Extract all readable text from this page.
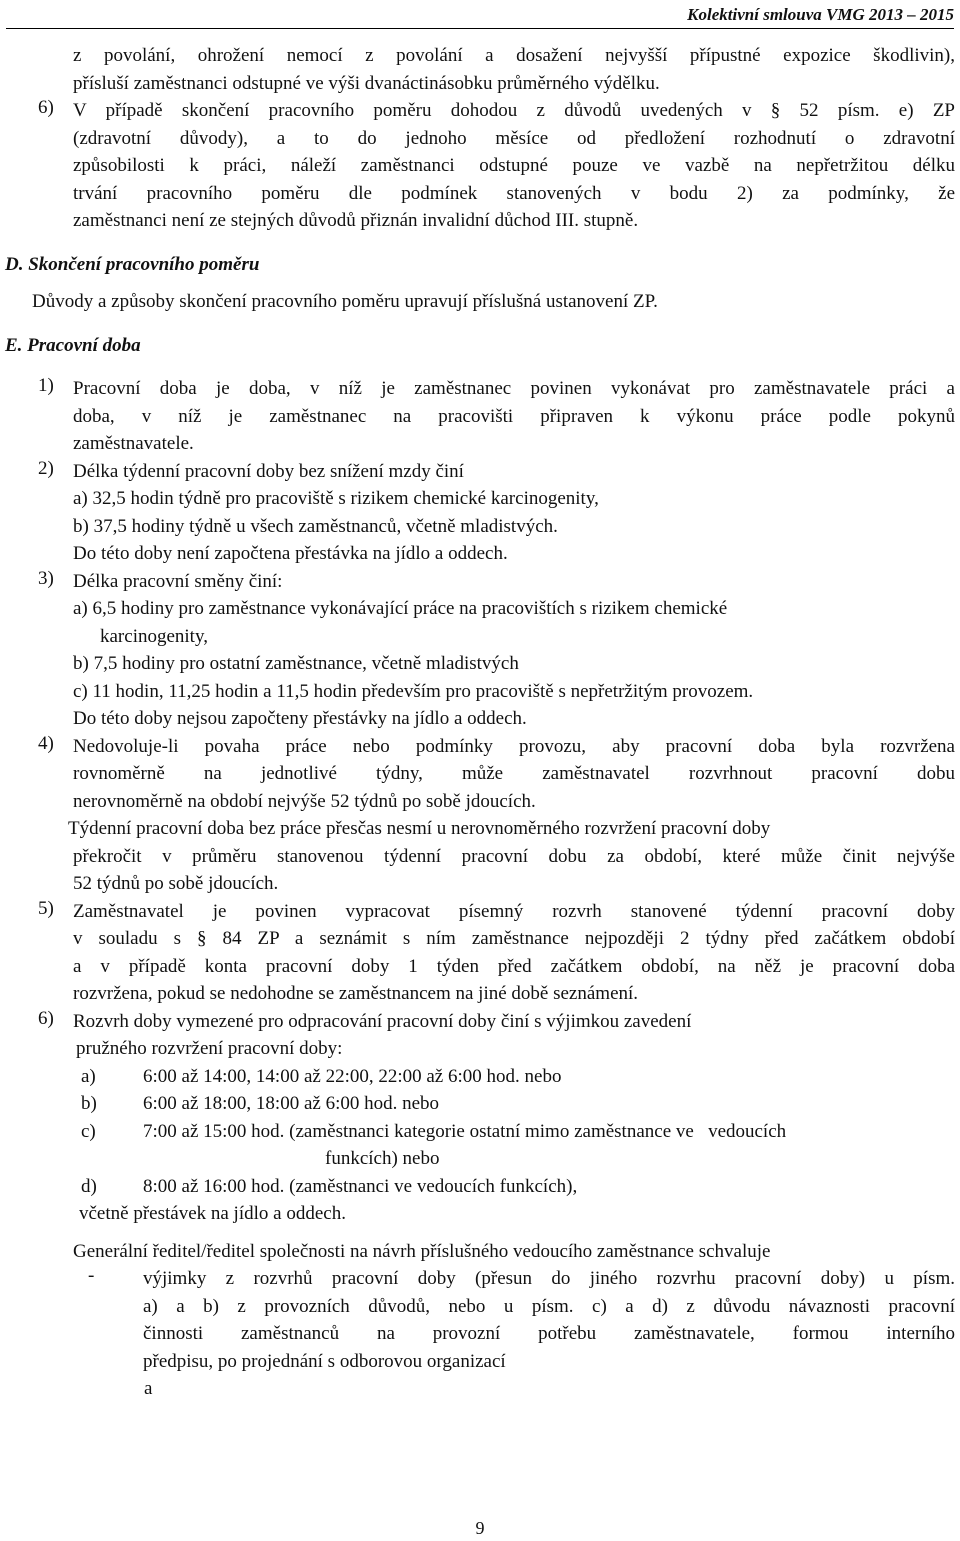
Kolektivní smlouva VMG 2013 – 2015
z povolání, ohrožení nemocí z povolání a dosažení nejvyšší přípustné expozice škodlivin),
přísluší zaměstnanci odstupné ve výši dvanáctinásobku průměrného výdělku.
6) V případě skončení pracovního poměru dohodou z důvodů uvedených v § 52 písm. e) ZP
(zdravotní důvody), a to do jednoho měsíce od předložení rozhodnutí o zdravotní
způsobilosti k práci, náleží zaměstnanci odstupné pouze ve vazbě na nepřetržitou délku
trvání pracovního poměru dle podmínek stanovených v bodu 2) za podmínky, že
zaměstnanci není ze stejných důvodů přiznán invalidní důchod III. stupně.
D. Skončení pracovního poměru
Důvody a způsoby skončení pracovního poměru upravují příslušná ustanovení ZP.
E. Pracovní doba
1) Pracovní doba je doba, v níž je zaměstnanec povinen vykonávat pro zaměstnavatele práci a
doba, v níž je zaměstnanec na pracovišti připraven k výkonu práce podle pokynů
zaměstnavatele.
2) Délka týdenní pracovní doby bez snížení mzdy činí
a) 32,5 hodin týdně pro pracoviště s rizikem chemické karcinogenity,
b) 37,5 hodiny týdně u všech zaměstnanců, včetně mladistvých.
Do této doby není započtena přestávka na jídlo a oddech.
3) Délka pracovní směny činí:
a) 6,5 hodiny pro zaměstnance vykonávající práce na pracovištích s rizikem chemické
karcinogenity,
b) 7,5 hodiny pro ostatní zaměstnance, včetně mladistvých
c) 11 hodin, 11,25 hodin a 11,5 hodin především pro pracoviště s nepřetržitým provozem.
Do této doby nejsou započteny přestávky na jídlo a oddech.
4) Nedovoluje-li povaha práce nebo podmínky provozu, aby pracovní doba byla rozvržena
rovnoměrně na jednotlivé týdny, může zaměstnavatel rozvrhnout pracovní dobu
nerovnoměrně na období nejvýše 52 týdnů po sobě jdoucích.
Týdenní pracovní doba bez práce přesčas nesmí u nerovnoměrného rozvržení pracovní doby
překročit v průměru stanovenou týdenní pracovní dobu za období, které může činit nejvýše
52 týdnů po sobě jdoucích.
5) Zaměstnavatel je povinen vypracovat písemný rozvrh stanovené týdenní pracovní doby
v souladu s § 84 ZP a seznámit s ním zaměstnance nejpozději 2 týdny před začátkem období
a v případě konta pracovní doby 1 týden před začátkem období, na něž je pracovní doba
rozvržena, pokud se nedohodne se zaměstnancem na jiné době seznámení.
6) Rozvrh doby vymezené pro odpracování pracovní doby činí s výjimkou zavedení
pružného rozvržení pracovní doby:
a) 6:00 až 14:00, 14:00 až 22:00, 22:00 až 6:00 hod. nebo
b) 6:00 až 18:00, 18:00 až 6:00 hod. nebo
c) 7:00 až 15:00 hod. (zaměstnanci kategorie ostatní mimo zaměstnance ve   vedoucích
funkcích) nebo
d) 8:00 až 16:00 hod. (zaměstnanci ve vedoucích funkcích),
včetně přestávek na jídlo a oddech.
Generální ředitel/ředitel společnosti na návrh příslušného vedoucího zaměstnance schvaluje
-	výjimky z rozvrhů pracovní doby (přesun do jiného rozvrhu pracovní doby) u písm.
a) a b) z provozních důvodů, nebo u písm. c) a d) z důvodu návaznosti pracovní
činnosti zaměstnanců na provozní potřebu zaměstnavatele, formou interního
předpisu, po projednání s odborovou organizací
a
9
